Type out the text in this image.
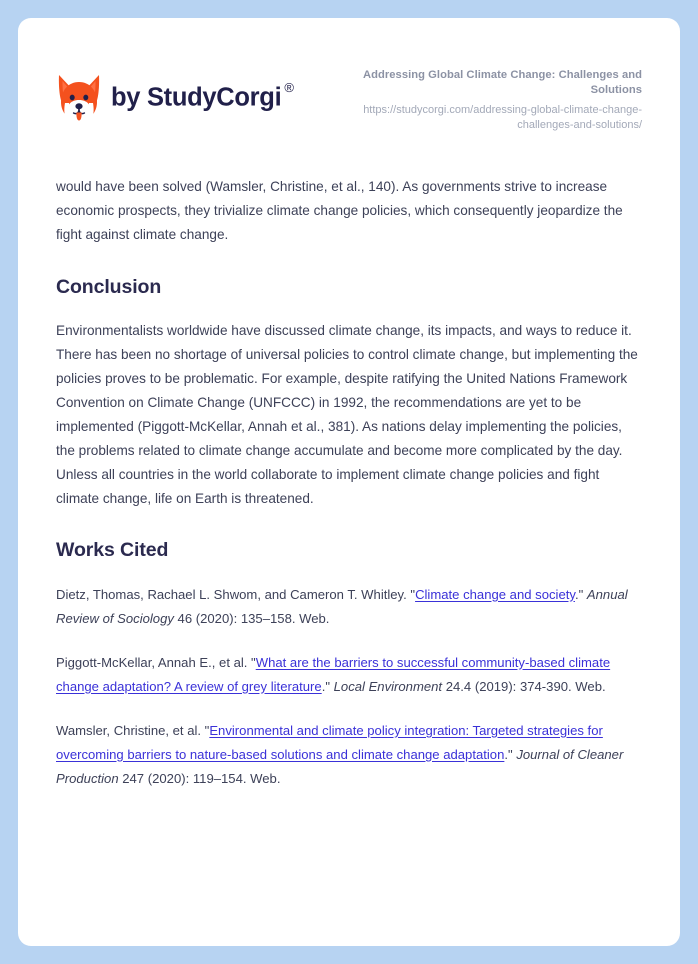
by StudyCorgi ®
Addressing Global Climate Change: Challenges and Solutions
https://studycorgi.com/addressing-global-climate-change-challenges-and-solutions/

would have been solved (Wamsler, Christine, et al., 140). As governments strive to increase economic prospects, they trivialize climate change policies, which consequently jeopardize the fight against climate change.

Conclusion

Environmentalists worldwide have discussed climate change, its impacts, and ways to reduce it. There has been no shortage of universal policies to control climate change, but implementing the policies proves to be problematic. For example, despite ratifying the United Nations Framework Convention on Climate Change (UNFCCC) in 1992, the recommendations are yet to be implemented (Piggott-McKellar, Annah et al., 381). As nations delay implementing the policies, the problems related to climate change accumulate and become more complicated by the day. Unless all countries in the world collaborate to implement climate change policies and fight climate change, life on Earth is threatened.

Works Cited

Dietz, Thomas, Rachael L. Shwom, and Cameron T. Whitley. "Climate change and society." Annual Review of Sociology 46 (2020): 135–158. Web.

Piggott-McKellar, Annah E., et al. "What are the barriers to successful community-based climate change adaptation? A review of grey literature." Local Environment 24.4 (2019): 374-390. Web.

Wamsler, Christine, et al. "Environmental and climate policy integration: Targeted strategies for overcoming barriers to nature-based solutions and climate change adaptation." Journal of Cleaner Production 247 (2020): 119–154. Web.
